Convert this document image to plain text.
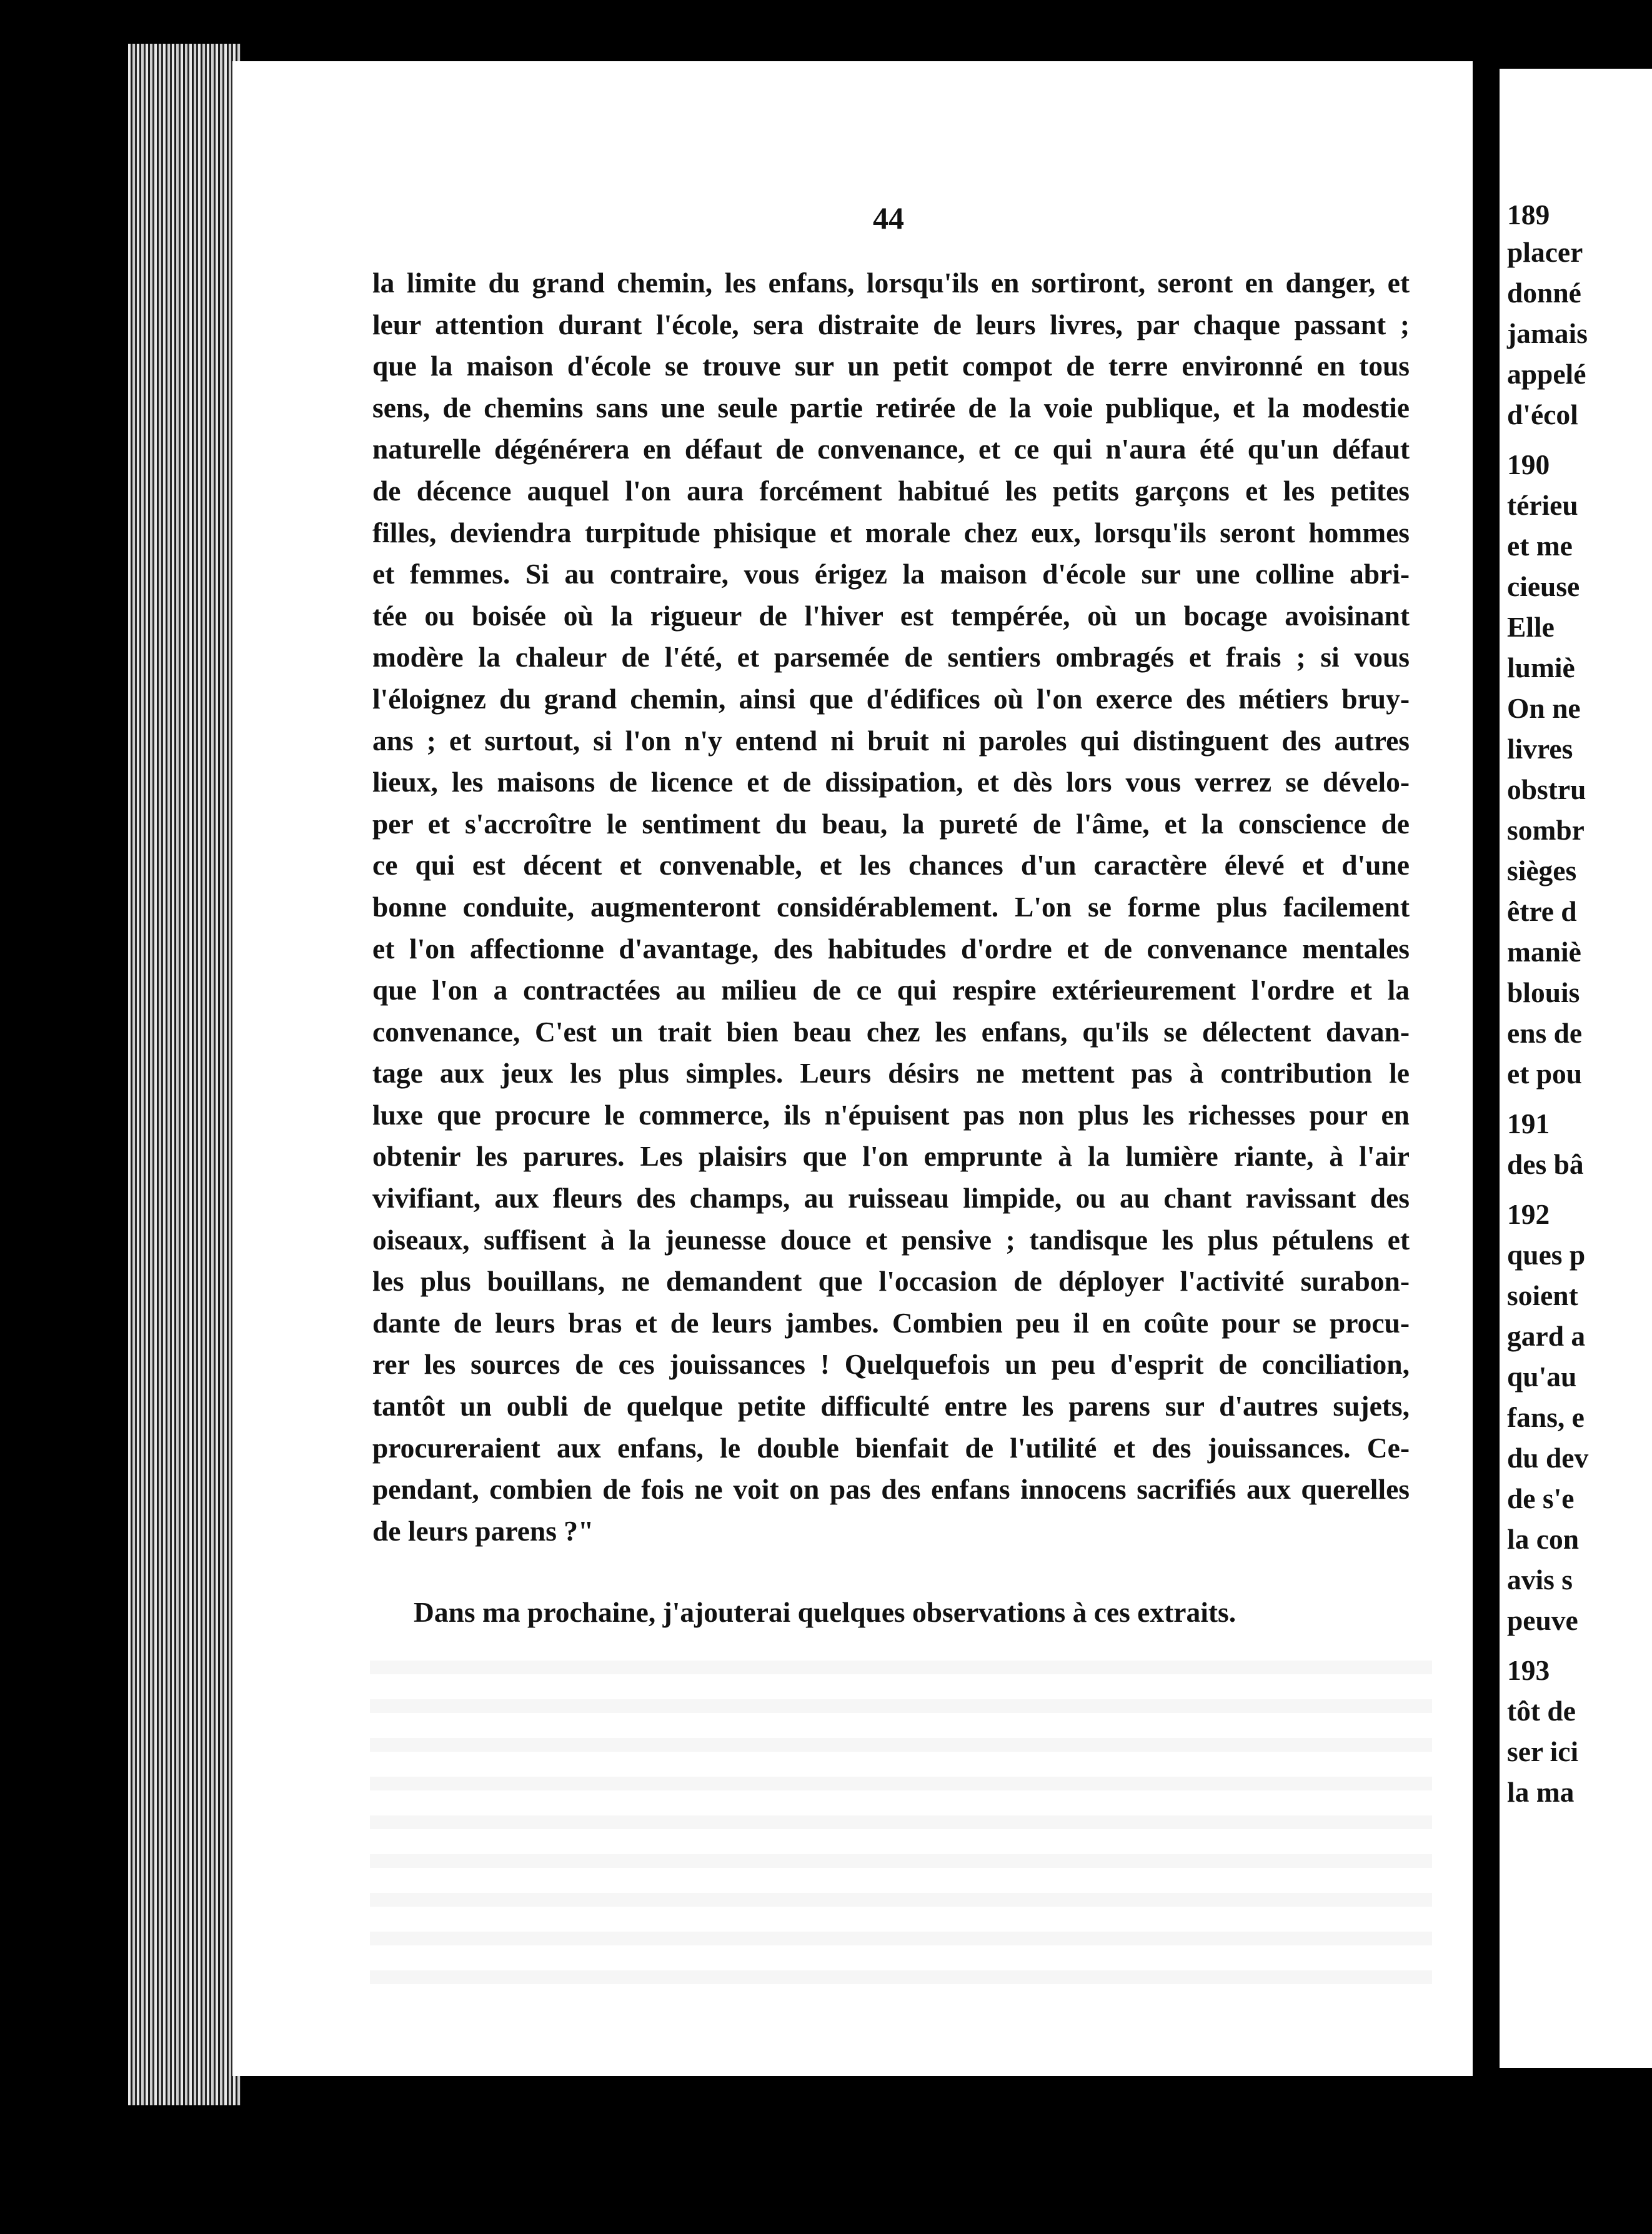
44
la limite du grand chemin, les enfans, lorsqu'ils en sortiront, seront en danger, et
leur attention durant l'école, sera distraite de leurs livres, par chaque passant ;
que la maison d'école se trouve sur un petit compot de terre environné en tous
sens, de chemins sans une seule partie retirée de la voie publique, et la modestie
naturelle dégénérera en défaut de convenance, et ce qui n'aura été qu'un défaut
de décence auquel l'on aura forcément habitué les petits garçons et les petites
filles, deviendra turpitude phisique et morale chez eux, lorsqu'ils seront hommes
et femmes. Si au contraire, vous érigez la maison d'école sur une colline abri-
tée ou boisée où la rigueur de l'hiver est tempérée, où un bocage avoisinant
modère la chaleur de l'été, et parsemée de sentiers ombragés et frais ; si vous
l'éloignez du grand chemin, ainsi que d'édifices où l'on exerce des métiers bruy-
ans ; et surtout, si l'on n'y entend ni bruit ni paroles qui distinguent des autres
lieux, les maisons de licence et de dissipation, et dès lors vous verrez se dévelo-
per et s'accroître le sentiment du beau, la pureté de l'âme, et la conscience de
ce qui est décent et convenable, et les chances d'un caractère élevé et d'une
bonne conduite, augmenteront considérablement. L'on se forme plus facilement
et l'on affectionne d'avantage, des habitudes d'ordre et de convenance mentales
que l'on a contractées au milieu de ce qui respire extérieurement l'ordre et la
convenance, C'est un trait bien beau chez les enfans, qu'ils se délectent davan-
tage aux jeux les plus simples. Leurs désirs ne mettent pas à contribution le
luxe que procure le commerce, ils n'épuisent pas non plus les richesses pour en
obtenir les parures. Les plaisirs que l'on emprunte à la lumière riante, à l'air
vivifiant, aux fleurs des champs, au ruisseau limpide, ou au chant ravissant des
oiseaux, suffisent à la jeunesse douce et pensive ; tandisque les plus pétulens et
les plus bouillans, ne demandent que l'occasion de déployer l'activité surabon-
dante de leurs bras et de leurs jambes. Combien peu il en coûte pour se procu-
rer les sources de ces jouissances ! Quelquefois un peu d'esprit de conciliation,
tantôt un oubli de quelque petite difficulté entre les parens sur d'autres sujets,
procureraient aux enfans, le double bienfait de l'utilité et des jouissances. Ce-
pendant, combien de fois ne voit on pas des enfans innocens sacrifiés aux querelles
de leurs parens ?"
Dans ma prochaine, j'ajouterai quelques observations à ces extraits.
189
placer
donné
jamais
appelé
d'écol
190
térieu
et me
cieuse
Elle
lumiè
On ne
livres
obstru
sombr
sièges
être d
maniè
blouis
ens de
et pou
191
des bâ
192
ques p
soient
gard a
qu'au
fans, e
du dev
de s'e
la con
avis s
peuve
193
tôt de
ser ici
la ma
